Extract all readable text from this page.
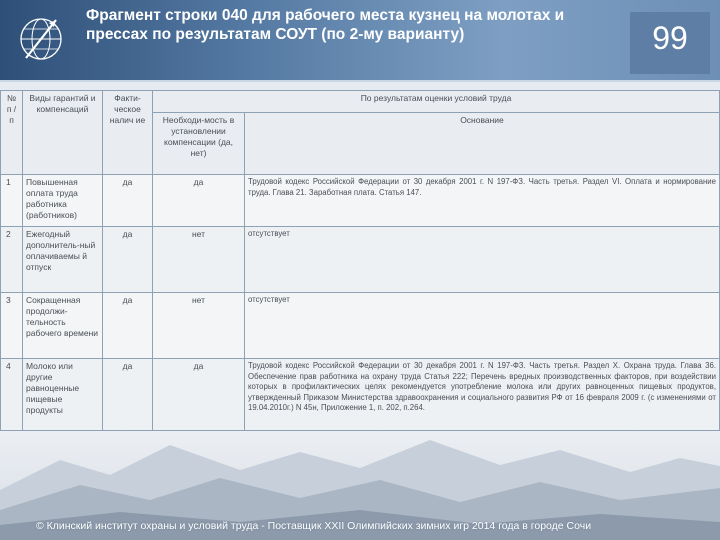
Фрагмент строки 040 для рабочего места кузнец на молотах и прессах по результатам СОУТ (по 2-му варианту)	99
№ п / п	Виды гарантий и компенсаций	Факти-ческое налич ие	По результатам оценки условий труда	
			Необходи-мость в установлении компенсации (да, нет)	Основание
1	Повышенная оплата труда работника (работников)	да	да	Трудовой кодекс Российской Федерации от 30 декабря 2001 г. N 197-ФЗ. Часть третья. Раздел VI. Оплата и нормирование труда. Глава 21. Заработная плата. Статья 147.
2	Ежегодный дополнитель-ный оплачиваемы й отпуск	да	нет	отсутствует
3	Сокращенная продолжи-тельность рабочего времени	да	нет	отсутствует
4	Молоко или другие равноценные пищевые продукты	да	да	Трудовой кодекс Российской Федерации от 30 декабря 2001 г. N 197-ФЗ. Часть третья. Раздел X. Охрана труда. Глава 36. Обеспечение прав работника на охрану труда Статья 222; Перечень вредных производственных факторов, при воздействии которых в профилактических целях рекомендуется употребление молока или других равноценных пищевых продуктов, утвержденный Приказом Министерства здравоохранения и социального развития РФ от 16 февраля 2009 г. (с изменениями от 19.04.2010г.) N 45н, Приложение 1, п. 202, п.264.
© Клинский институт охраны и условий труда - Поставщик XXII Олимпийских зимних игр 2014 года в городе Сочи
